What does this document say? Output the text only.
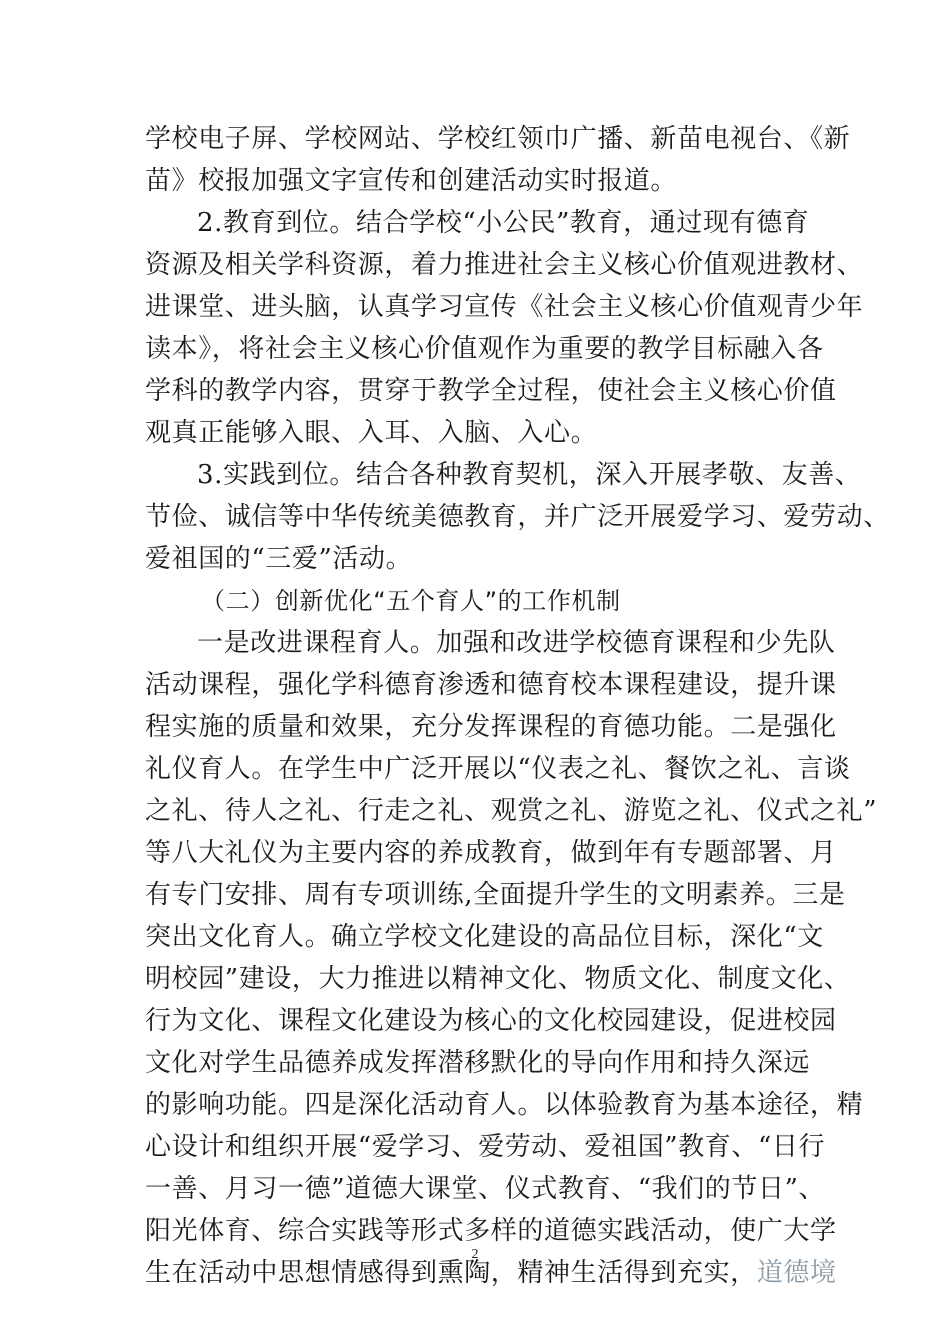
学校电子屏、学校网站、学校红领巾广播、新苗电视台、《新
苗》校报加强文字宣传和创建活动实时报道。
2.教育到位。结合学校“小公民”教育，通过现有德育
资源及相关学科资源，着力推进社会主义核心价值观进教材、
进课堂、进头脑，认真学习宣传《社会主义核心价值观青少年
读本》，将社会主义核心价值观作为重要的教学目标融入各
学科的教学内容，贯穿于教学全过程，使社会主义核心价值
观真正能够入眼、入耳、入脑、入心。
3.实践到位。结合各种教育契机，深入开展孝敬、友善、
节俭、诚信等中华传统美德教育，并广泛开展爱学习、爱劳动、
爱祖国的“三爱”活动。
（二）创新优化“五个育人”的工作机制
一是改进课程育人。加强和改进学校德育课程和少先队
活动课程，强化学科德育渗透和德育校本课程建设，提升课
程实施的质量和效果，充分发挥课程的育德功能。二是强化
礼仪育人。在学生中广泛开展以“仪表之礼、餐饮之礼、言谈
之礼、待人之礼、行走之礼、观赏之礼、游览之礼、仪式之礼”
等八大礼仪为主要内容的养成教育，做到年有专题部署、月
有专门安排、周有专项训练,全面提升学生的文明素养。三是
突出文化育人。确立学校文化建设的高品位目标，深化“文
明校园”建设，大力推进以精神文化、物质文化、制度文化、
行为文化、课程文化建设为核心的文化校园建设，促进校园
文化对学生品德养成发挥潜移默化的导向作用和持久深远
的影响功能。四是深化活动育人。以体验教育为基本途径，精
心设计和组织开展“爱学习、爱劳动、爱祖国”教育、“日行
一善、月习一德”道德大课堂、仪式教育、“我们的节日”、
阳光体育、综合实践等形式多样的道德实践活动，使广大学
生在活动中思想情感得到熏陶，精神生活得到充实，道德境
2
